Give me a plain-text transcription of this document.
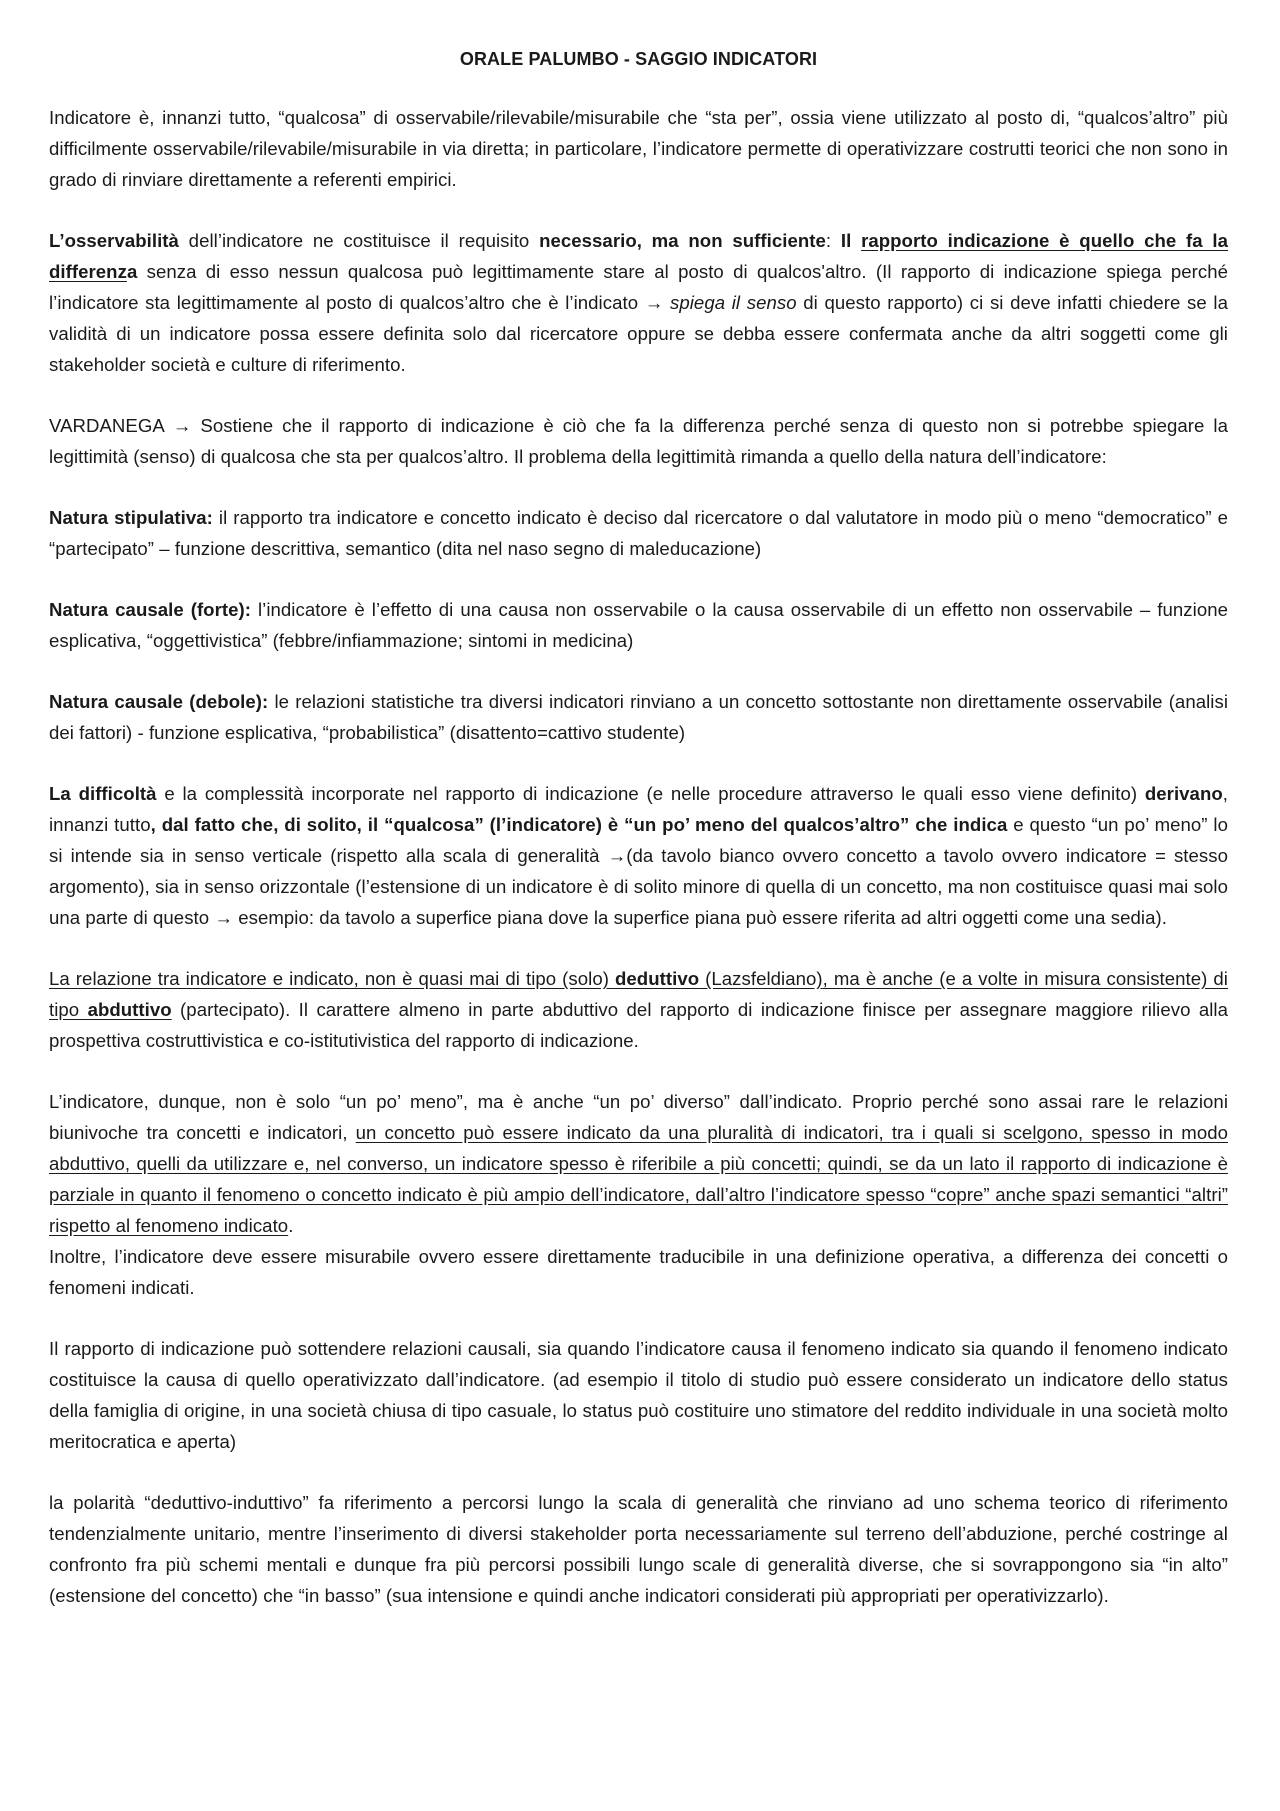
ORALE PALUMBO - SAGGIO INDICATORI

Indicatore è, innanzi tutto, “qualcosa” di osservabile/rilevabile/misurabile che “sta per”, ossia viene utilizzato al posto di, “qualcos’altro” più difficilmente osservabile/rilevabile/misurabile in via diretta; in particolare, l’indicatore permette di operativizzare costrutti teorici che non sono in grado di rinviare direttamente a referenti empirici.

L’osservabilità dell’indicatore ne costituisce il requisito necessario, ma non sufficiente: Il rapporto indicazione è quello che fa la differenza senza di esso nessun qualcosa può legittimamente stare al posto di qualcos'altro. (Il rapporto di indicazione spiega perché l’indicatore sta legittimamente al posto di qualcos’altro che è l’indicato → spiega il senso di questo rapporto) ci si deve infatti chiedere se la validità di un indicatore possa essere definita solo dal ricercatore oppure se debba essere confermata anche da altri soggetti come gli stakeholder società e culture di riferimento.

VARDANEGA → Sostiene che il rapporto di indicazione è ciò che fa la differenza perché senza di questo non si potrebbe spiegare la legittimità (senso) di qualcosa che sta per qualcos’altro. Il problema della legittimità rimanda a quello della natura dell’indicatore:

Natura stipulativa: il rapporto tra indicatore e concetto indicato è deciso dal ricercatore o dal valutatore in modo più o meno “democratico” e “partecipato” – funzione descrittiva, semantico (dita nel naso segno di maleducazione)

Natura causale (forte): l’indicatore è l’effetto di una causa non osservabile o la causa osservabile di un effetto non osservabile – funzione esplicativa, “oggettivistica” (febbre/infiammazione; sintomi in medicina)

Natura causale (debole): le relazioni statistiche tra diversi indicatori rinviano a un concetto sottostante non direttamente osservabile (analisi dei fattori) - funzione esplicativa, “probabilistica” (disattento=cattivo studente)

La difficoltà e la complessità incorporate nel rapporto di indicazione (e nelle procedure attraverso le quali esso viene definito) derivano, innanzi tutto, dal fatto che, di solito, il “qualcosa” (l’indicatore) è “un po’ meno del qualcos’altro” che indica e questo “un po’ meno” lo si intende sia in senso verticale (rispetto alla scala di generalità →(da tavolo bianco ovvero concetto a tavolo ovvero indicatore = stesso argomento), sia in senso orizzontale (l’estensione di un indicatore è di solito minore di quella di un concetto, ma non costituisce quasi mai solo una parte di questo → esempio: da tavolo a superfice piana dove la superfice piana può essere riferita ad altri oggetti come una sedia).

La relazione tra indicatore e indicato, non è quasi mai di tipo (solo) deduttivo (Lazsfeldiano), ma è anche (e a volte in misura consistente) di tipo abduttivo (partecipato). Il carattere almeno in parte abduttivo del rapporto di indicazione finisce per assegnare maggiore rilievo alla prospettiva costruttivistica e co-istitutivistica del rapporto di indicazione.

L’indicatore, dunque, non è solo “un po’ meno”, ma è anche “un po’ diverso” dall’indicato. Proprio perché sono assai rare le relazioni biunivoche tra concetti e indicatori, un concetto può essere indicato da una pluralità di indicatori, tra i quali si scelgono, spesso in modo abduttivo, quelli da utilizzare e, nel converso, un indicatore spesso è riferibile a più concetti; quindi, se da un lato il rapporto di indicazione è parziale in quanto il fenomeno o concetto indicato è più ampio dell’indicatore, dall’altro l’indicatore spesso “copre” anche spazi semantici “altri” rispetto al fenomeno indicato.

Inoltre, l’indicatore deve essere misurabile ovvero essere direttamente traducibile in una definizione operativa, a differenza dei concetti o fenomeni indicati.

Il rapporto di indicazione può sottendere relazioni causali, sia quando l’indicatore causa il fenomeno indicato sia quando il fenomeno indicato costituisce la causa di quello operativizzato dall’indicatore. (ad esempio il titolo di studio può essere considerato un indicatore dello status della famiglia di origine, in una società chiusa di tipo casuale, lo status può costituire uno stimatore del reddito individuale in una società molto meritocratica e aperta)

la polarità “deduttivo-induttivo” fa riferimento a percorsi lungo la scala di generalità che rinviano ad uno schema teorico di riferimento tendenzialmente unitario, mentre l’inserimento di diversi stakeholder porta necessariamente sul terreno dell’abduzione, perché costringe al confronto fra più schemi mentali e dunque fra più percorsi possibili lungo scale di generalità diverse, che si sovrappongono sia “in alto” (estensione del concetto) che “in basso” (sua intensione e quindi anche indicatori considerati più appropriati per operativizzarlo).
